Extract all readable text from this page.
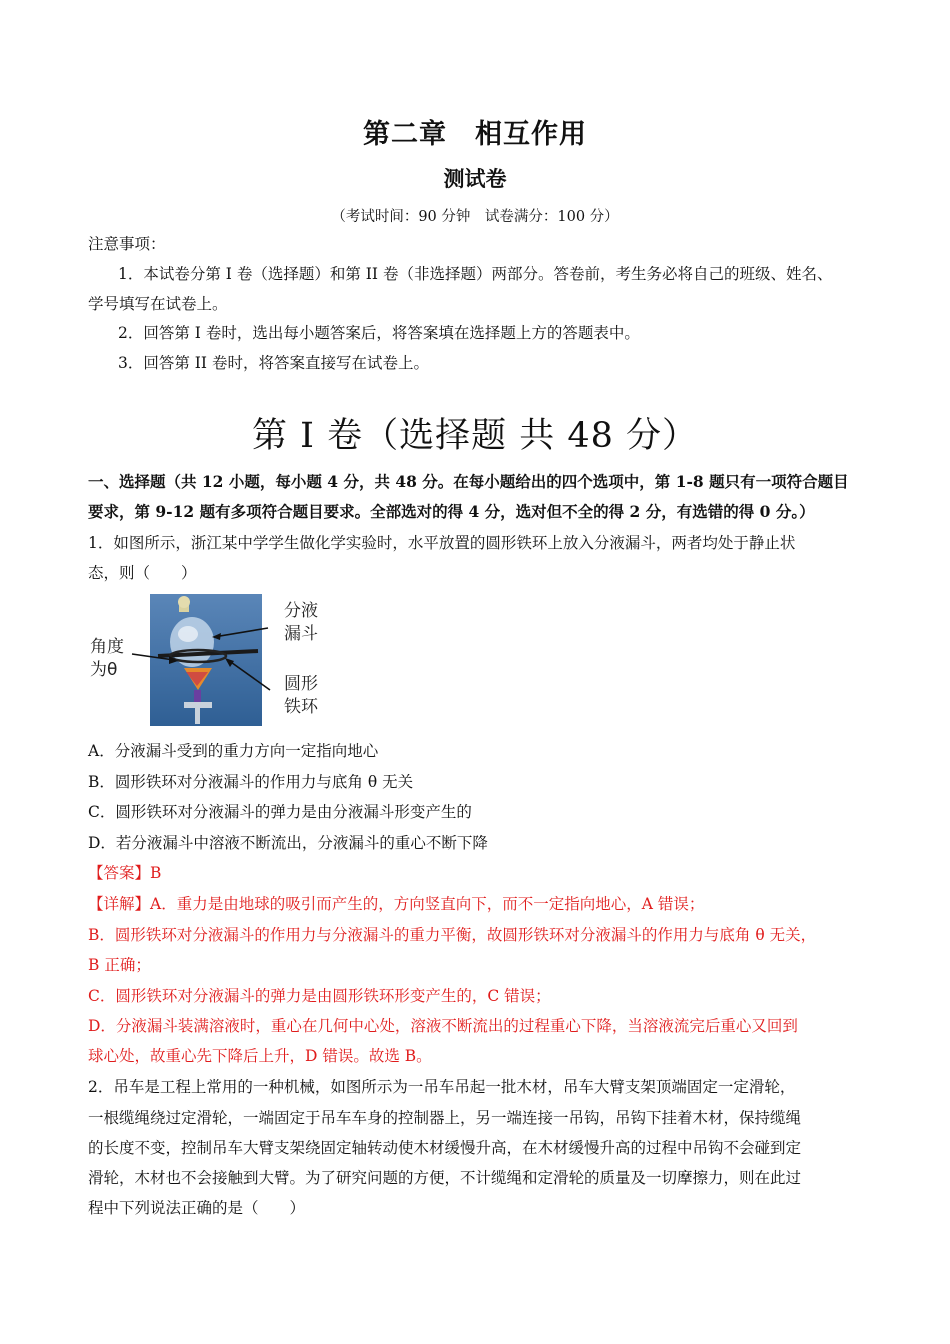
第二章　相互作用
测试卷
（考试时间：90 分钟　试卷满分：100 分）
注意事项：
1．本试卷分第 I 卷（选择题）和第 II 卷（非选择题）两部分。答卷前，考生务必将自己的班级、姓名、
学号填写在试卷上。
2．回答第 I 卷时，选出每小题答案后，将答案填在选择题上方的答题表中。
3．回答第 II 卷时，将答案直接写在试卷上。
第 I 卷（选择题 共 48 分）
一、选择题（共 12 小题，每小题 4 分，共 48 分。在每小题给出的四个选项中，第 1-8 题只有一项符合题目
要求，第 9-12 题有多项符合题目要求。全部选对的得 4 分，选对但不全的得 2 分，有选错的得 0 分。）
1．如图所示，浙江某中学学生做化学实验时，水平放置的圆形铁环上放入分液漏斗，两者均处于静止状
态，则（　　）
分液
漏斗
角度
为θ
圆形
铁环
A．分液漏斗受到的重力方向一定指向地心
B．圆形铁环对分液漏斗的作用力与底角 θ 无关
C．圆形铁环对分液漏斗的弹力是由分液漏斗形变产生的
D．若分液漏斗中溶液不断流出，分液漏斗的重心不断下降
【答案】B
【详解】A．重力是由地球的吸引而产生的，方向竖直向下，而不一定指向地心，A 错误；
B．圆形铁环对分液漏斗的作用力与分液漏斗的重力平衡，故圆形铁环对分液漏斗的作用力与底角 θ 无关，
B 正确；
C．圆形铁环对分液漏斗的弹力是由圆形铁环形变产生的，C 错误；
D．分液漏斗装满溶液时，重心在几何中心处，溶液不断流出的过程重心下降，当溶液流完后重心又回到
球心处，故重心先下降后上升，D 错误。故选 B。
2．吊车是工程上常用的一种机械，如图所示为一吊车吊起一批木材，吊车大臂支架顶端固定一定滑轮，
一根缆绳绕过定滑轮，一端固定于吊车车身的控制器上，另一端连接一吊钩，吊钩下挂着木材，保持缆绳
的长度不变，控制吊车大臂支架绕固定轴转动使木材缓慢升高，在木材缓慢升高的过程中吊钩不会碰到定
滑轮，木材也不会接触到大臂。为了研究问题的方便，不计缆绳和定滑轮的质量及一切摩擦力，则在此过
程中下列说法正确的是（　　）
